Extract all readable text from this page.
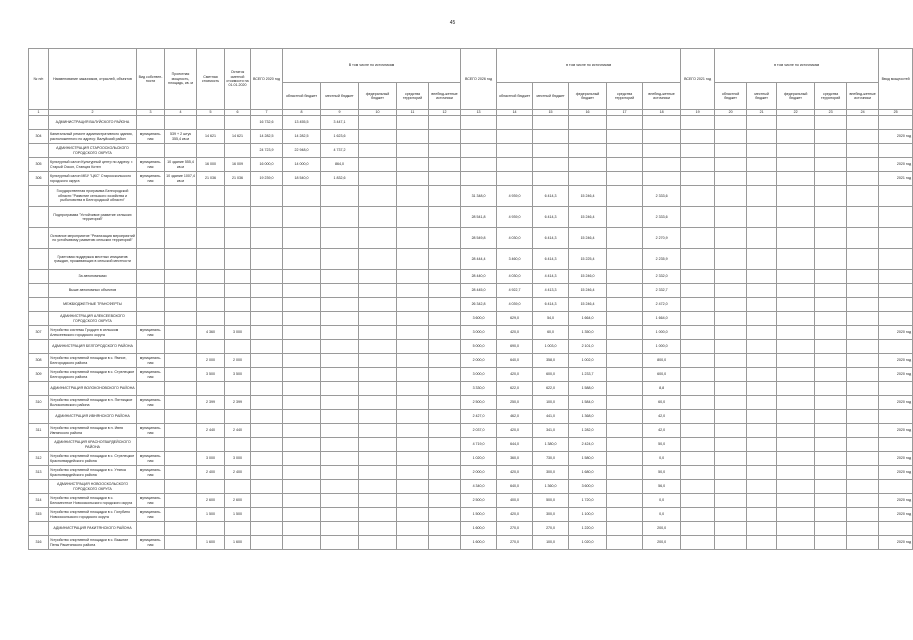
45
№ п/п	Наименование заказчиков, отраслей, объектов	Вид собствен-ности	Проектная мощность, площадь, кв. м	Сметная стоимость	Остаток сметной стоимости на 01.01.2020	ВСЕГО 2020 год	В том числе по источникам					ВСЕГО 2026 год	в том числе по источникам					ВСЕГО 2021 год	в том числе по источникам					Ввод мощностей
							областной бюджет	местный бюджет	федеральный бюджет	средства территорий	внебюд-жетные источники		областной бюджет	местный бюджет	федеральный бюджет	средства территорий	внебюд-жетные источники		областной бюджет	местный бюджет	федеральный бюджет	средства территорий	внебюд-жетные источники	
1	2	3	4	5	6	7	8	9	10	11	12	13	14	15	16	17	18	19	20	21	22	23	24	25
	АДМИНИСТРАЦИЯ ВАЛУЙСКОГО РАЙОНА					16 732,6	13 455,5	3 447,1																
304	Капитальный ремонт административного здания, расположенного по адресу: Валуйский район	муниципаль-ная	539 + 2 штук 355,4 кв.м	14 621	14 621	14 282,5	14 282,5	1 623,6																2020 год
	АДМИНИСТРАЦИЯ СТАРООСКОЛЬСКОГО ГОРОДСКОГО ОКРУГА					24 723,9	22 948,0	4 737,2																
305	Культурный салон Культурный центр по адресу: г. Старый Оскол, Станция Котел	муниципаль-ная	10 здание 555,4 кв.м	16 000	16 009	16 000,0	14 000,0	864,0																2020 год
306	Культурный салон МБУ "ЦКС" Старооскольского городского округа	муниципаль-ная	10 здание 1007,4 кв.м	21 036	21 036	19 239,0	18 540,0	1 832,6																2021 год
	Государственная программа Белгородской области "Развитие сельского хозяйства и рыболовства в Белгородской области"											31 348,0	4 939,0	6 414,3	15 246,4		2 333,6							
	Подпрограмма "Устойчивое развитие сельских территорий"											28 541,8	4 939,0	6 414,3	15 246,4		2 333,6							
	Основное мероприятие "Реализация мероприятий по устойчивому развитию сельских территорий"											28 549,8	4 030,0	6 414,3	15 246,4		2 270,9							
	Грантовая поддержка местных инициатив граждан, проживающих в сельской местности											28 444,4	3 460,0	6 414,3	15 225,4		2 235,9							
	За автономными											28 440,0	4 030,0	4 414,3	15 246,0		2 332,0							
	Выше автономных объектов											28 445,0	4 922,7	4 413,3	15 246,4		2 332,7							
	МЕЖБЮДЖЕТНЫЕ ТРАНСФЕРТЫ											26 342,8	4 039,0	6 414,3	15 246,4		2 472,0							
	АДМИНИСТРАЦИЯ АЛЕКСЕЕВСКОГО ГОРОДСКОГО ОКРУГА											3 600,0	629,0	54,0	1 664,0		1 664,0							
307	Устройство системы Гродцен в сельском Алексеевского городского округа	муниципаль-ная		4 360	3 000							3 000,0	420,0	60,0	1 350,0		1 000,0							2020 год
	АДМИНИСТРАЦИЯ БЕЛГОРОДСКОГО РАЙОНА											5 000,0	690,0	1 003,0	2 101,0		1 000,0							
308	Устройство спортивной площадки в с. Ямное, Белгородского района	муниципаль-ная		2 000	2 000							2 000,0	640,0	358,0	1 002,0		800,0							2020 год
309	Устройство спортивной площадки в с. Стрелецкое Белгородского района	муниципаль-ная		3 500	3 500							3 000,0	420,0	600,0	1 233,7		600,0							2020 год
	АДМИНИСТРАЦИЯ ВОЛОКОНОВСКОГО РАЙОНА											3 330,0	622,0	622,0	1 588,0		8,8							
310	Устройство спортивной площадки в п. Пятницкое Волоконовского района	муниципаль-ная		2 399	2 399							2 500,0	250,0	100,0	1 584,0		60,0							2020 год
	АДМИНИСТРАЦИЯ ИВНЯНСКОГО РАЙОНА											2 427,0	462,0	441,0	1 368,0		42,0							
311	Устройство спортивной площадки в п. Ивня Ивнянского района	муниципаль-ная		2 440	2 440							2 037,0	420,0	341,0	1 282,0		42,0							2020 год
	АДМИНИСТРАЦИЯ КРАСНОГВАРДЕЙСКОГО РАЙОНА											4 719,0	644,0	1 380,0	2 424,0		50,0							
312	Устройство спортивной площадки в с. Стрелецкое Красногвардейского района	муниципаль-ная		3 000	3 000							1 020,0	360,0	730,0	1 580,0		0,0							2020 год
313	Устройство спортивной площадки в с. Утянка Красногвардейского района	муниципаль-ная		2 400	2 400							2 000,0	420,0	300,0	1 680,0		50,0							2020 год
	АДМИНИСТРАЦИЯ НОВООСКОЛЬСКОГО ГОРОДСКОГО ОКРУГА											4 340,0	640,0	1 360,0	3 600,0		56,0							
314	Устройство спортивной площадки в с. Беломестное Новооскольского городского округа	муниципаль-ная		2 600	2 600							2 500,0	400,0	500,0	1 720,0		0,0							2020 год
315	Устройство спортивной площадки в с. Голубино Новооскольского городского округа	муниципаль-ная		1 500	1 500							1 500,0	420,0	300,0	1 100,0		0,0							2020 год
	АДМИНИСТРАЦИЯ РАКИТЯНСКОГО РАЙОНА											1 600,0	270,0	270,0	1 220,0		200,0							
316	Устройство спортивной площадки в с. Вышние Пены Ракитянского района	муниципаль-ная		1 600	1 600							1 600,0	270,0	100,0	1 020,0		200,0							2020 год
